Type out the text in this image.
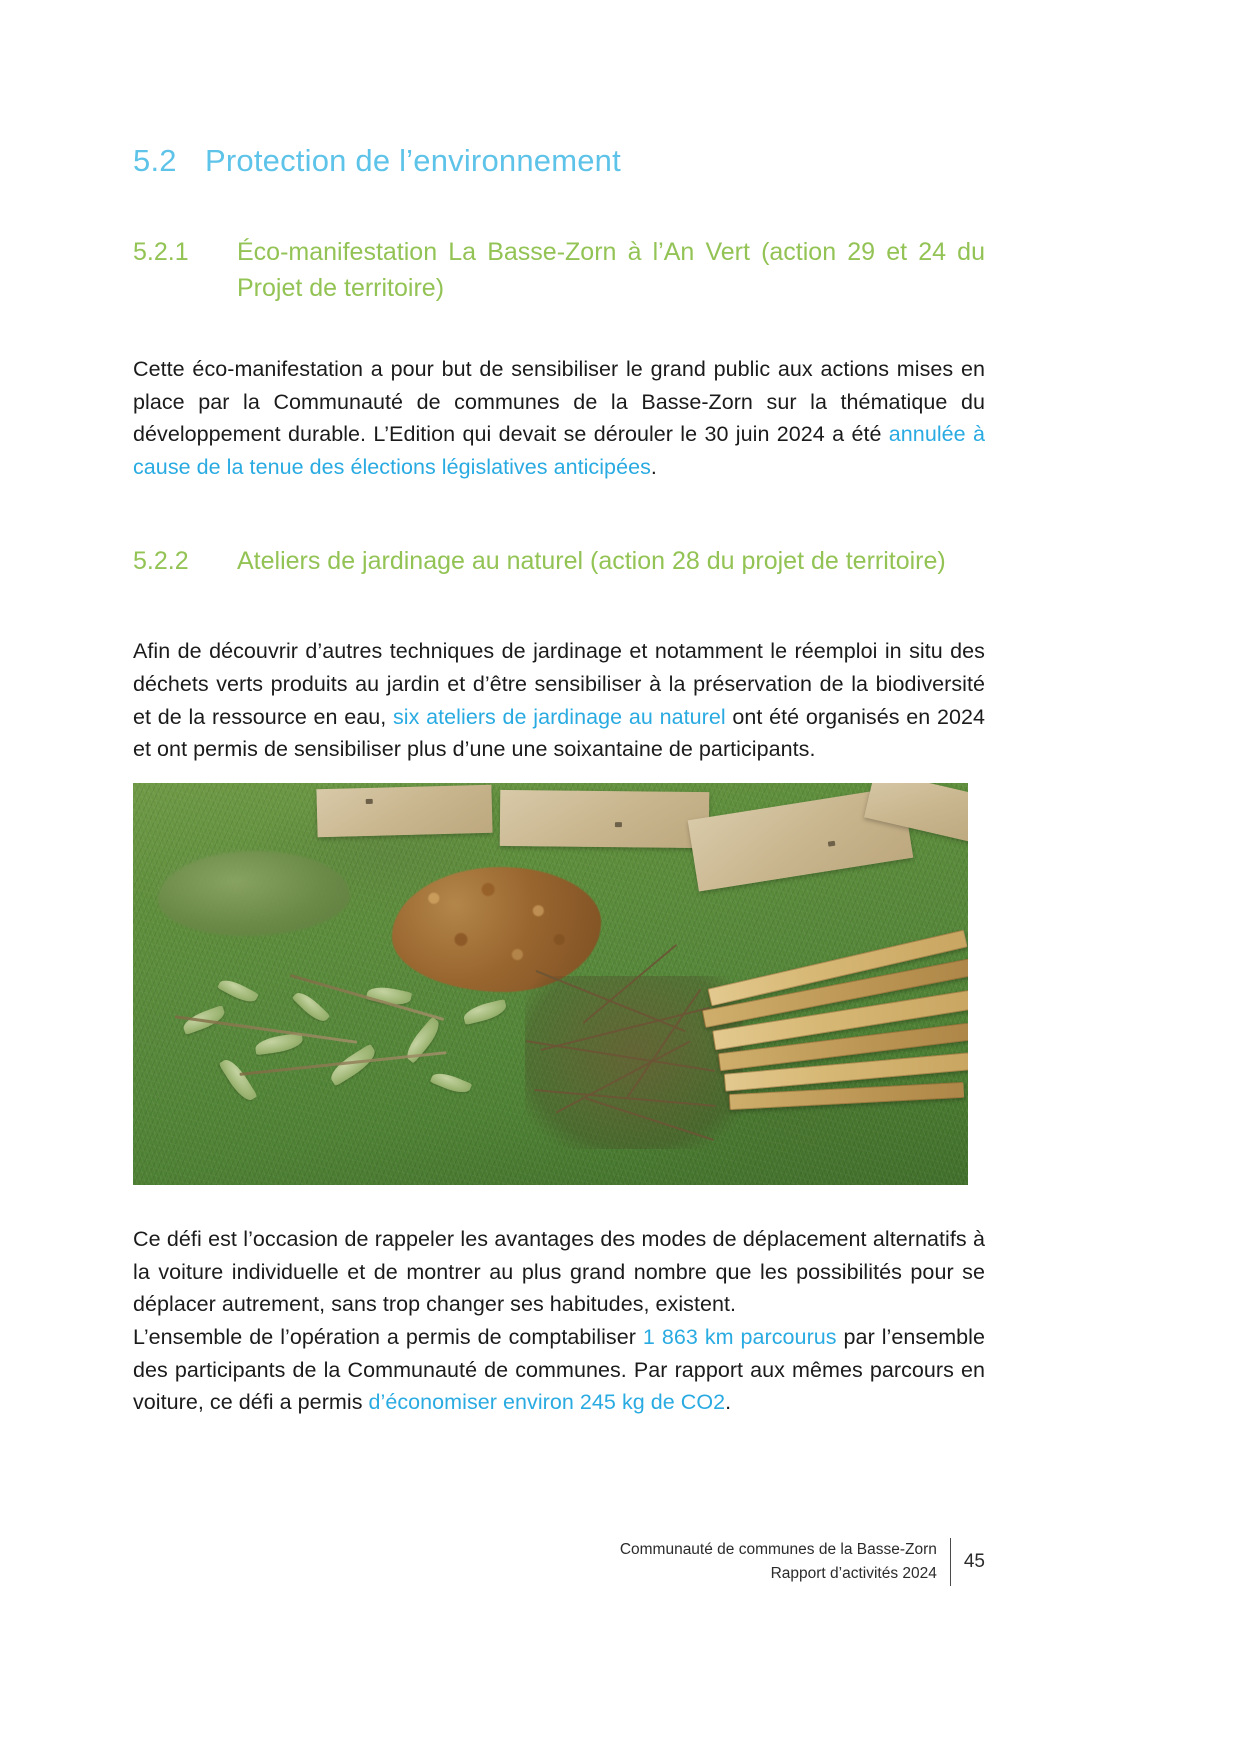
5.2 Protection de l’environnement
5.2.1	Éco-manifestation La Basse-Zorn à l’An Vert (action 29 et 24 du Projet de territoire)

Cette éco-manifestation a pour but de sensibiliser le grand public aux actions mises en place par la Communauté de communes de la Basse-Zorn sur la thématique du développement durable. L’Edition qui devait se dérouler le 30 juin 2024 a été annulée à cause de la tenue des élections législatives anticipées.

5.2.2	Ateliers de jardinage au naturel (action 28 du projet de territoire)

Afin de découvrir d’autres techniques de jardinage et notamment le réemploi in situ des déchets verts produits au jardin et d’être sensibiliser à la préservation de la biodiversité et de la ressource en eau, six ateliers de jardinage au naturel ont été organisés en 2024 et ont permis de sensibiliser plus d’une une soixantaine de participants.

Ce défi est l’occasion de rappeler les avantages des modes de déplacement alternatifs à la voiture individuelle et de montrer au plus grand nombre que les possibilités pour se déplacer autrement, sans trop changer ses habitudes, existent.

L’ensemble de l’opération a permis de comptabiliser 1 863 km parcourus par l’ensemble des participants de la Communauté de communes. Par rapport aux mêmes parcours en voiture, ce défi a permis d’économiser environ 245 kg de CO2.

Communauté de communes de la Basse-Zorn
Rapport d’activités 2024
45
